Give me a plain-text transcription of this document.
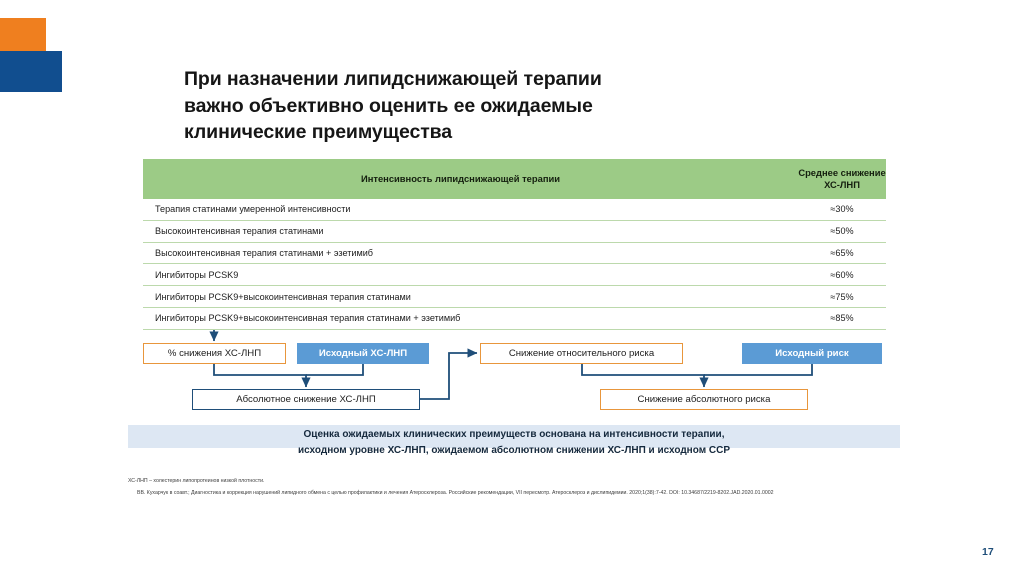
При назначении липидснижающей терапии
важно объективно оценить ее ожидаемые
клинические преимущества
Интенсивность липидснижающей терапии	Среднее снижение
ХС-ЛНП

Терапия статинами умеренной интенсивности	≈30%
Высокоинтенсивная терапия статинами	≈50%
Высокоинтенсивная терапия статинами + эзетимиб	≈65%
Ингибиторы PCSK9	≈60%
Ингибиторы PCSK9+высокоинтенсивная терапия статинами	≈75%
Ингибиторы PCSK9+высокоинтенсивная терапия статинами + эзетимиб	≈85%
% снижения ХС-ЛНП	Исходный ХС-ЛНП	Снижение относительного риска	Исходный риск
Абсолютное снижение ХС-ЛНП	Снижение абсолютного риска
Оценка ожидаемых клинических преимуществ основана на интенсивности терапии,
исходном уровне ХС-ЛНП, ожидаемом абсолютном снижении ХС-ЛНП и исходном ССР
ХС-ЛНП – холестерин липопротеинов низкой плотности.
ВВ. Кухарчук в соавт.; Диагностика и коррекция нарушений липидного обмена с целью профилактики и лечения Атеросклероза. Российские рекомендации, VII пересмотр. Атеросклероз и дислипидемии. 2020;1(38):7-42. DOI: 10.34687/2219-8202.JAD.2020.01.0002
17
